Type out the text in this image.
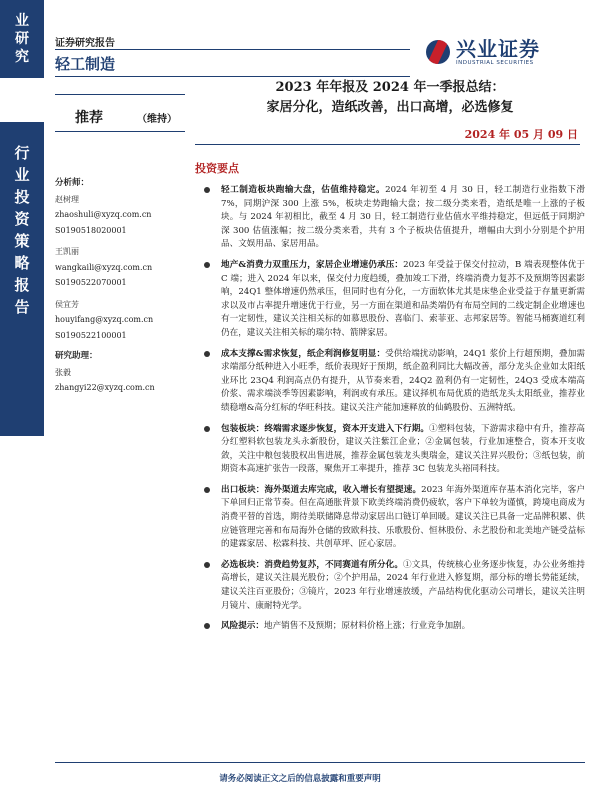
业
研
究
行
业
投
资
策
略
报
告
证券研究报告
轻工制造
兴业证券
INDUSTRIAL SECURITIES
推荐	（维持）
2023 年年报及 2024 年一季报总结：
家居分化，造纸改善，出口高增，必选修复
2024 年 05 月 09 日
分析师：
赵树理
zhaoshuli@xyzq.com.cn
S0190518020001
王凯丽
wangkaili@xyzq.com.cn
S0190522070001
侯宜芳
houyifang@xyzq.com.cn
S0190522100001
研究助理：
张毅
zhangyi22@xyzq.com.cn
投资要点
轻工制造板块跑输大盘，估值维持稳定。2024 年初至 4 月 30 日，轻工制造行业指数下滑 7%，同期沪深 300 上涨 5%，板块走势跑输大盘；按二级分类来看，造纸是唯一上涨的子板块。与 2024 年初相比，截至 4 月 30 日，轻工制造行业估值水平维持稳定，但远低于同期沪深 300 估值涨幅；按二级分类来看，共有 3 个子板块估值提升，增幅由大到小分别是个护用品、文娱用品、家居用品。
地产&消费力双重压力，家居企业增速仍承压：2023 年受益于保交付拉动，B 端表现整体优于 C 端；进入 2024 年以来，保交付力度趋缓，叠加竣工下滑，终端消费力复苏不及预期等因素影响，24Q1 整体增速仍然承压，但同时也有分化，一方面软体尤其是床垫企业受益于存量更新需求以及市占率提升增速优于行业，另一方面在渠道和品类端仍有布局空间的二线定制企业增速也有一定韧性，建议关注相关标的如慕思股份、喜临门、索菲亚、志邦家居等。智能马桶赛道红利仍在，建议关注相关标的瑞尔特、箭牌家居。
成本支撑&需求恢复，纸企利润修复明显：受供给端扰动影响，24Q1 浆价上行超预期，叠加需求端部分纸种进入小旺季，纸价表现好于预期，纸企盈利同比大幅改善，部分龙头企业如太阳纸业环比 23Q4 利润高点仍有提升，从节奏来看，24Q2 盈利仍有一定韧性，24Q3 受成本端高价浆、需求端淡季等因素影响，利润或有承压。建议择机布局优质的造纸龙头太阳纸业，推荐业绩稳增&高分红标的华旺科技。建议关注产能加速释放的仙鹤股份、五洲特纸。
包装板块：终端需求逐步恢复，资本开支进入下行期。①塑料包装，下游需求稳中有升，推荐高分红塑料软包装龙头永新股份，建议关注紫江企业；②金属包装，行业加速整合，资本开支收敛，关注中粮包装股权出售进展，推荐金属包装龙头奥瑞金，建议关注昇兴股份；③纸包装，前期资本高速扩张告一段落，聚焦开工率提升，推荐 3C 包装龙头裕同科技。
出口板块：海外渠道去库完成，收入增长有望提速。2023 年海外渠道库存基本消化完毕，客户下单回归正常节奏。但在高通胀背景下欧美终端消费仍疲软，客户下单较为谨慎，跨境电商成为消费平替的首选，期待美联储降息带动家居出口链订单回暖。建议关注已具备一定品牌积累、供应链管理完善和布局海外仓储的致欧科技、乐歌股份、恒林股份、永艺股份和北美地产链受益标的建霖家居、松霖科技、共创草坪、匠心家居。
必选板块：消费趋势复苏，不同赛道有所分化。①文具，传统核心业务逐步恢复，办公业务维持高增长，建议关注晨光股份；②个护用品，2024 年行业进入修复期，部分标的增长势能延续，建议关注百亚股份；③镜片，2023 年行业增速放缓，产品结构优化驱动公司增长，建议关注明月镜片、康耐特光学。
风险提示：地产销售不及预期；原材料价格上涨；行业竞争加剧。
请务必阅读正文之后的信息披露和重要声明
